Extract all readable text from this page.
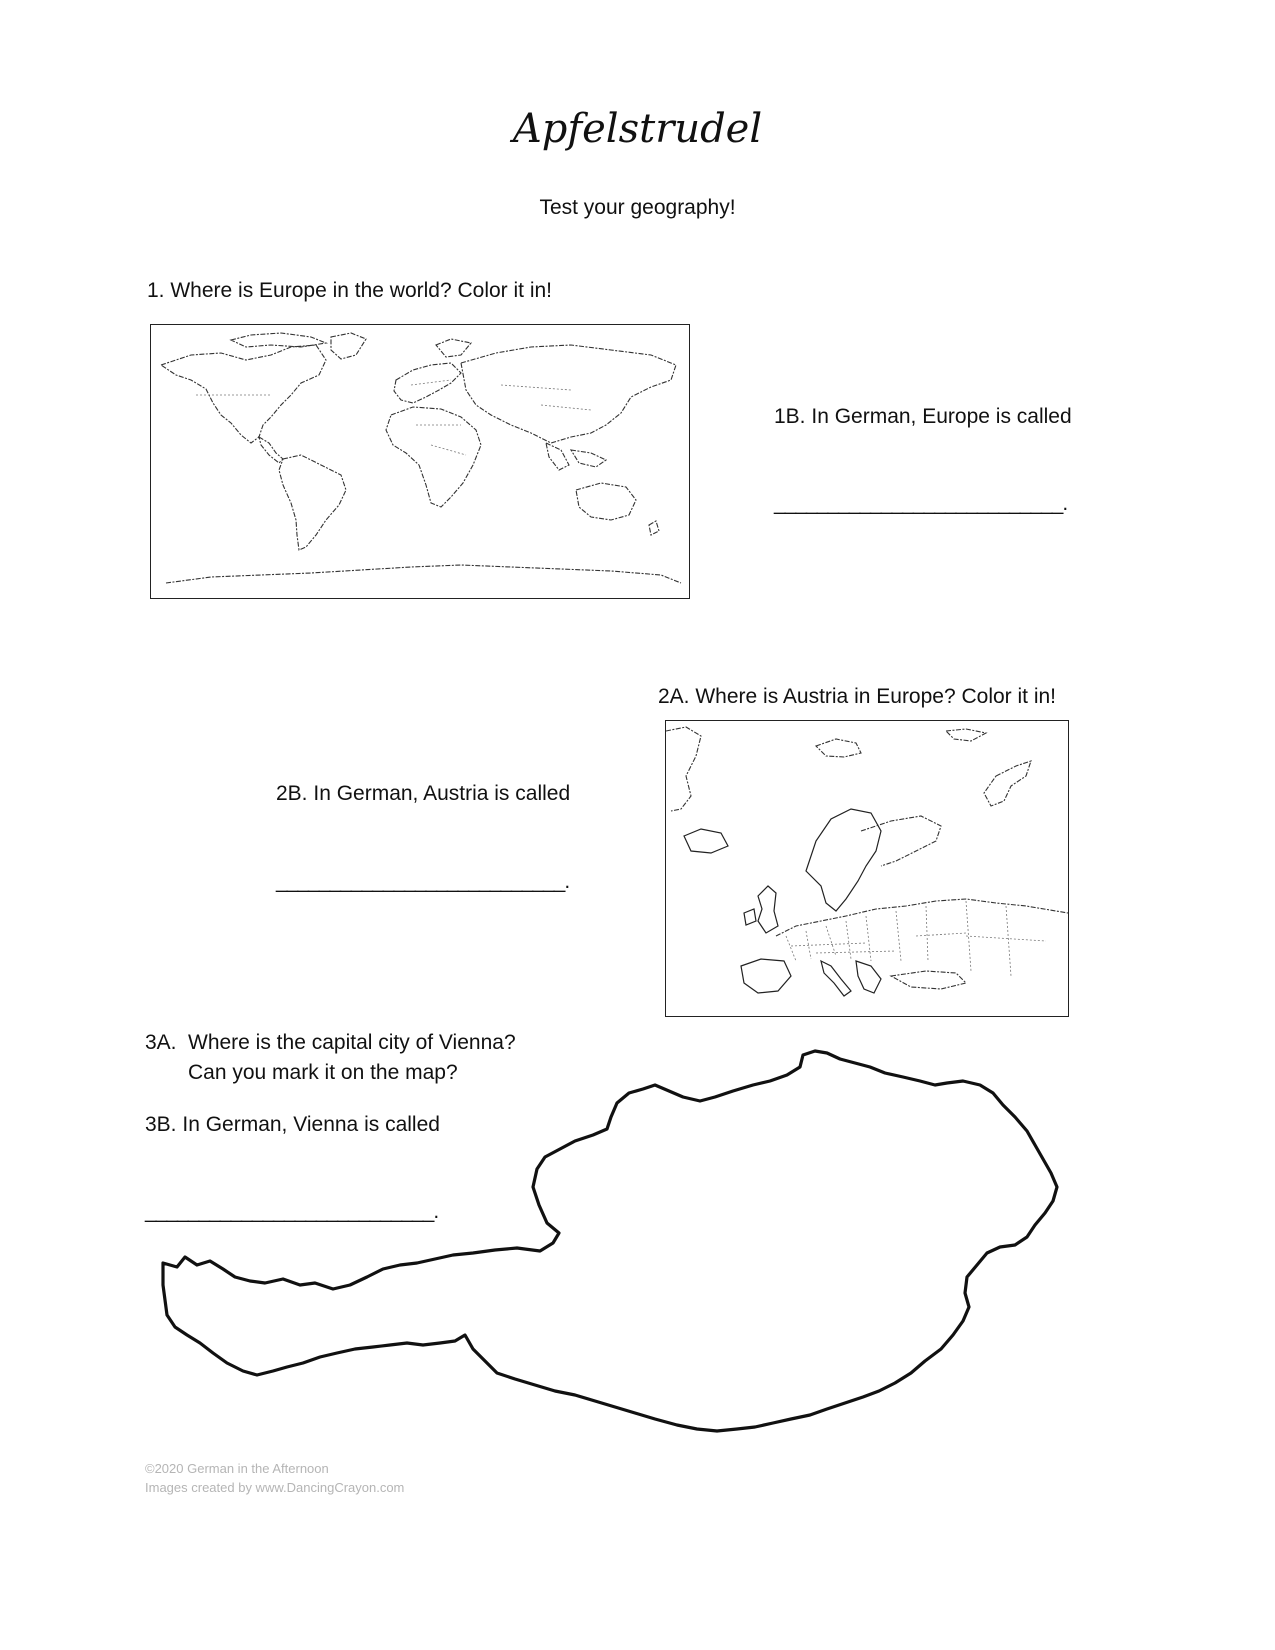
Apfelstrudel
Test your geography!
1. Where is Europe in the world? Color it in!
1B. In German, Europe is called
___________________________.
2A. Where is Austria in Europe? Color it in!
2B. In German, Austria is called
___________________________.
3A. Where is the capital city of Vienna?
Can you mark it on the map?
3B. In German, Vienna is called
___________________________.
©2020 German in the Afternoon
Images created by www.DancingCrayon.com
